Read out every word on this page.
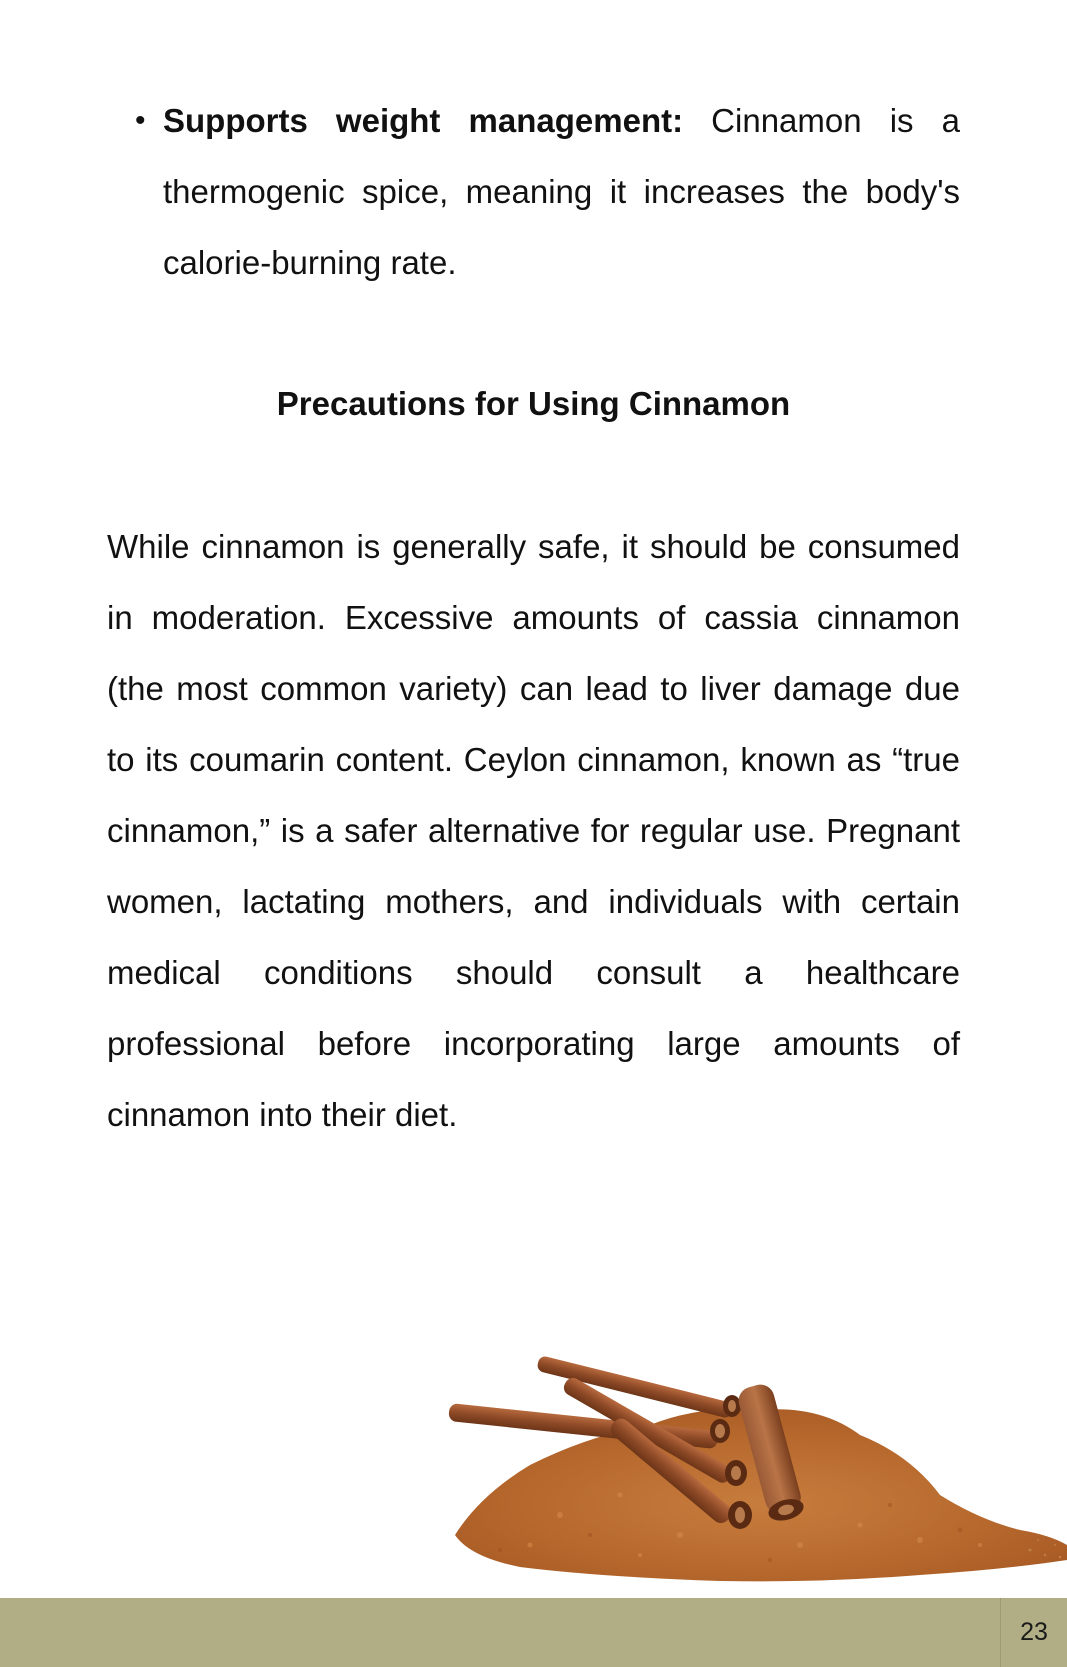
• Supports weight management: Cinnamon is a thermogenic spice, meaning it increases the body's calorie-burning rate.
Precautions for Using Cinnamon
While cinnamon is generally safe, it should be consumed in moderation. Excessive amounts of cassia cinnamon (the most common variety) can lead to liver damage due to its coumarin content. Ceylon cinnamon, known as “true cinnamon,” is a safer alternative for regular use. Pregnant women, lactating mothers, and individuals with certain medical conditions should consult a healthcare professional before incorporating large amounts of cinnamon into their diet.
23
